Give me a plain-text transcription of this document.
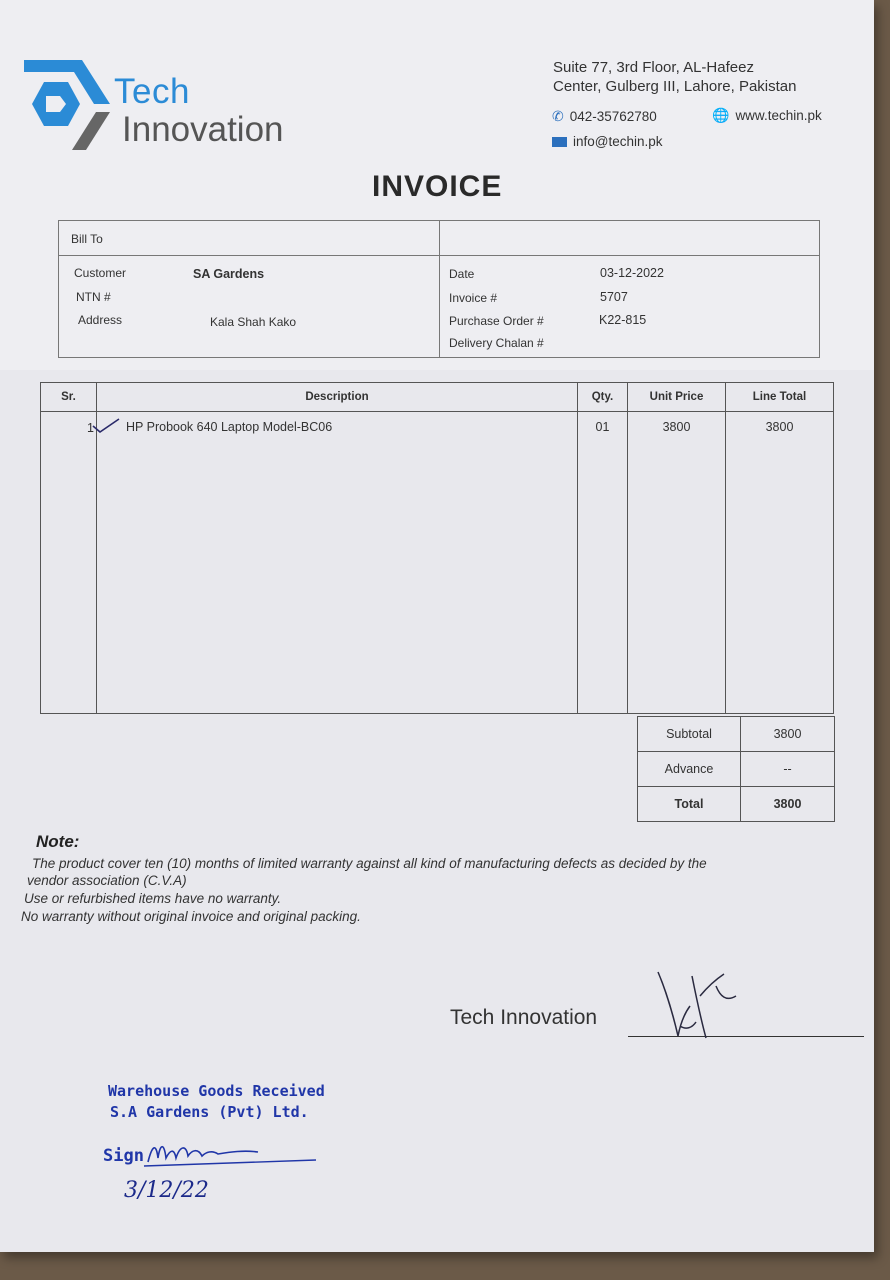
Tech
Innovation
Suite 77, 3rd Floor, AL-Hafeez
Center, Gulberg III, Lahore, Pakistan
✆ 042-35762780	🌐 www.techin.pk
info@techin.pk
INVOICE
Bill To
Customer	SA Gardens
NTN #
Address	Kala Shah Kako
Date	03-12-2022
Invoice #	5707
Purchase Order #	K22-815
Delivery Chalan #
Sr.	Description	Qty.	Unit Price	Line Total
1	HP Probook 640 Laptop Model-BC06	01	3800	3800
Subtotal	3800
Advance	--
Total	3800
Note:
The product cover ten (10) months of limited warranty against all kind of manufacturing defects as decided by the
vendor association (C.V.A)
Use or refurbished items have no warranty.
No warranty without original invoice and original packing.
Tech Innovation
Warehouse Goods Received
S.A Gardens (Pvt) Ltd.
Sign
3/12/22
